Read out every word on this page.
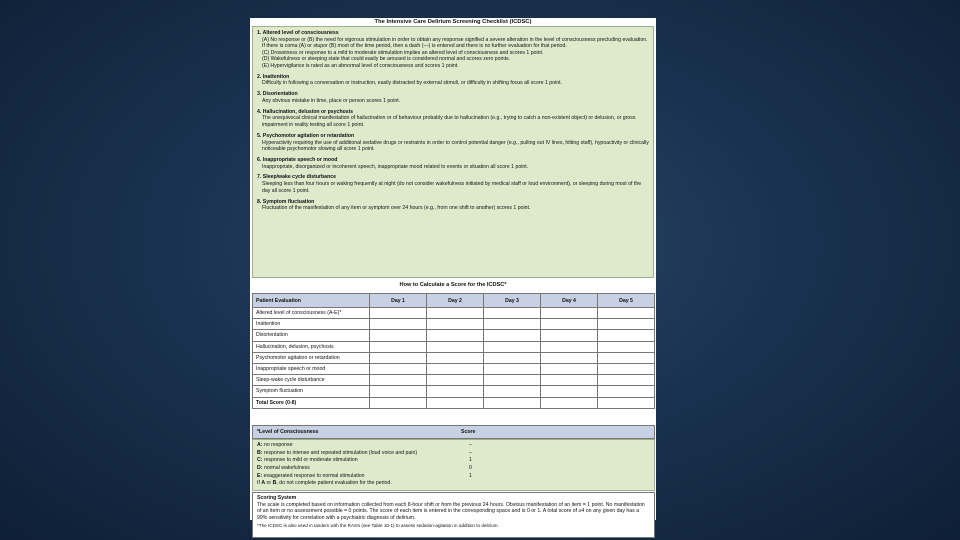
The Intensive Care Delirium Screening Checklist (ICDSC)
1. Altered level of consciousness
(A) No response or (B) the need for vigorous stimulation in order to obtain any response signified a severe alteration in the level of consciousness precluding evaluation. If there is coma (A) or stupor (B) most of the time period, then a dash (—) is entered and there is no further evaluation for that period.
(C) Drowsiness or response to a mild to moderate stimulation implies an altered level of consciousness and scores 1 point.
(D) Wakefulness or sleeping state that could easily be aroused is considered normal and scores zero points.
(E) Hypervigilance is rated as an abnormal level of consciousness and scores 1 point.
2. Inattention
Difficulty in following a conversation or instruction, easily distracted by external stimuli, or difficulty in shifting focus all score 1 point.
3. Disorientation
Any obvious mistake in time, place or person scores 1 point.
4. Hallucination, delusion or psychosis
The unequivocal clinical manifestation of hallucination or of behaviour probably due to hallucination (e.g., trying to catch a non-existent object) or delusion, or gross impairment in reality testing all score 1 point.
5. Psychomotor agitation or retardation
Hyperactivity requiring the use of additional sedative drugs or restraints in order to control potential danger (e.g., pulling out IV lines, hitting staff), hypoactivity or clinically noticeable psychomotor slowing all score 1 point.
6. Inappropriate speech or mood
Inappropriate, disorganized or incoherent speech, inappropriate mood related to events or situation all score 1 point.
7. Sleep/wake cycle disturbance
Sleeping less than four hours or waking frequently at night (do not consider wakefulness initiated by medical staff or loud environment), or sleeping during most of the day all score 1 point.
8. Symptom fluctuation
Fluctuation of the manifestation of any item or symptom over 24 hours (e.g., from one shift to another) scores 1 point.
How to Calculate a Score for the ICDSC*
Patient Evaluation	Day 1	Day 2	Day 3	Day 4	Day 5
Altered level of consciousness (A-E)*					
Inattention					
Disorientation					
Hallucination, delusion, psychosis					
Psychomotor agitation or retardation					
Inappropriate speech or mood					
Sleep-wake cycle disturbance					
Symptom fluctuation					
Total Score (0-8)					
*Level of Consciousness	Score
A: no response	–
B: response to intense and repeated stimulation (loud voice and pain)	–
C: response to mild or moderate stimulation	1
D: normal wakefulness	0
E: exaggerated response to normal stimulation	1
If A or B, do not complete patient evaluation for the period.
Scoring System
The scale is completed based on information collected from each 8-hour shift or from the previous 24 hours. Obvious manifestation of an item = 1 point. No manifestation of an item or no assessment possible = 0 points. The score of each item is entered in the corresponding space and is 0 or 1. A total score of ≥4 on any given day has a 99% sensitivity for correlation with a psychiatric diagnosis of delirium.
*The ICDSC is also used in tandem with the RASS (see Table 10-1) to assess sedation-agitation in addition to delirium.
